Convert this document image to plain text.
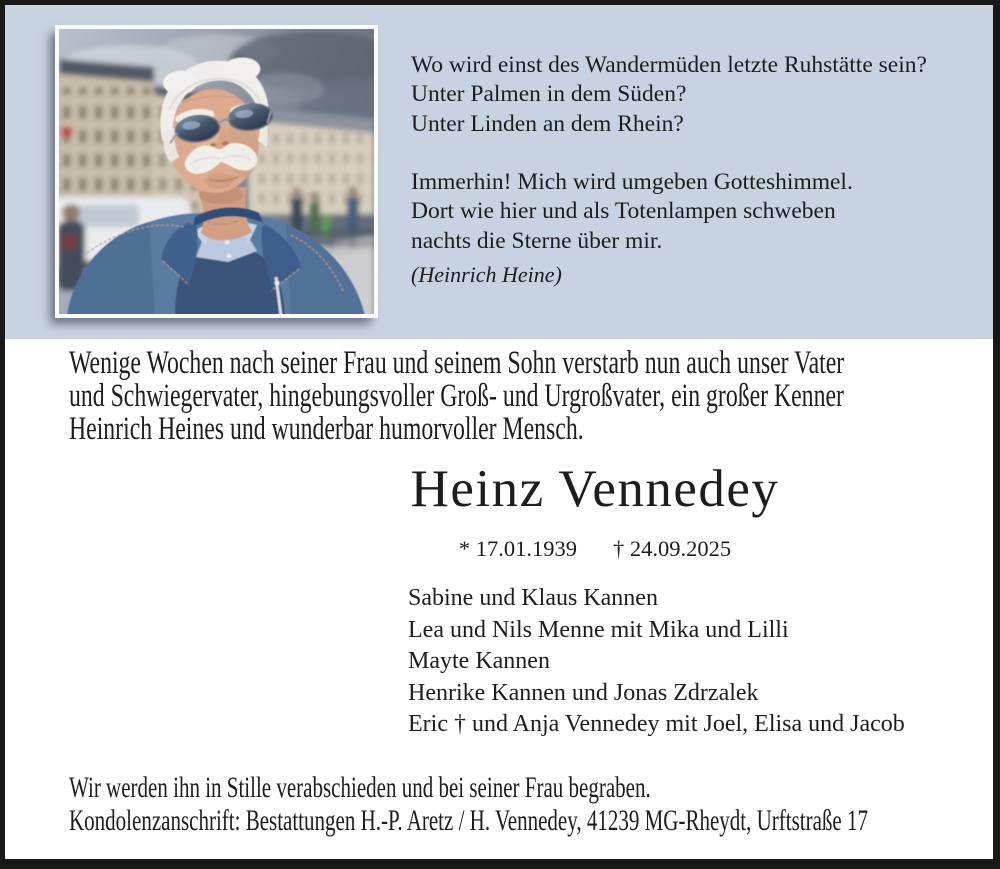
Wo wird einst des Wandermüden letzte Ruhstätte sein?
Unter Palmen in dem Süden?
Unter Linden an dem Rhein?
Immerhin! Mich wird umgeben Gotteshimmel.
Dort wie hier und als Totenlampen schweben
nachts die Sterne über mir.
(Heinrich Heine)
Wenige Wochen nach seiner Frau und seinem Sohn verstarb nun auch unser Vater
und Schwiegervater, hingebungsvoller Groß- und Urgroßvater, ein großer Kenner
Heinrich Heines und wunderbar humorvoller Mensch.
Heinz Vennedey
* 17.01.1939 † 24.09.2025
Sabine und Klaus Kannen
Lea und Nils Menne mit Mika und Lilli
Mayte Kannen
Henrike Kannen und Jonas Zdrzalek
Eric † und Anja Vennedey mit Joel, Elisa und Jacob
Wir werden ihn in Stille verabschieden und bei seiner Frau begraben.
Kondolenzanschrift: Bestattungen H.-P. Aretz / H. Vennedey, 41239 MG-Rheydt, Urftstraße 17
